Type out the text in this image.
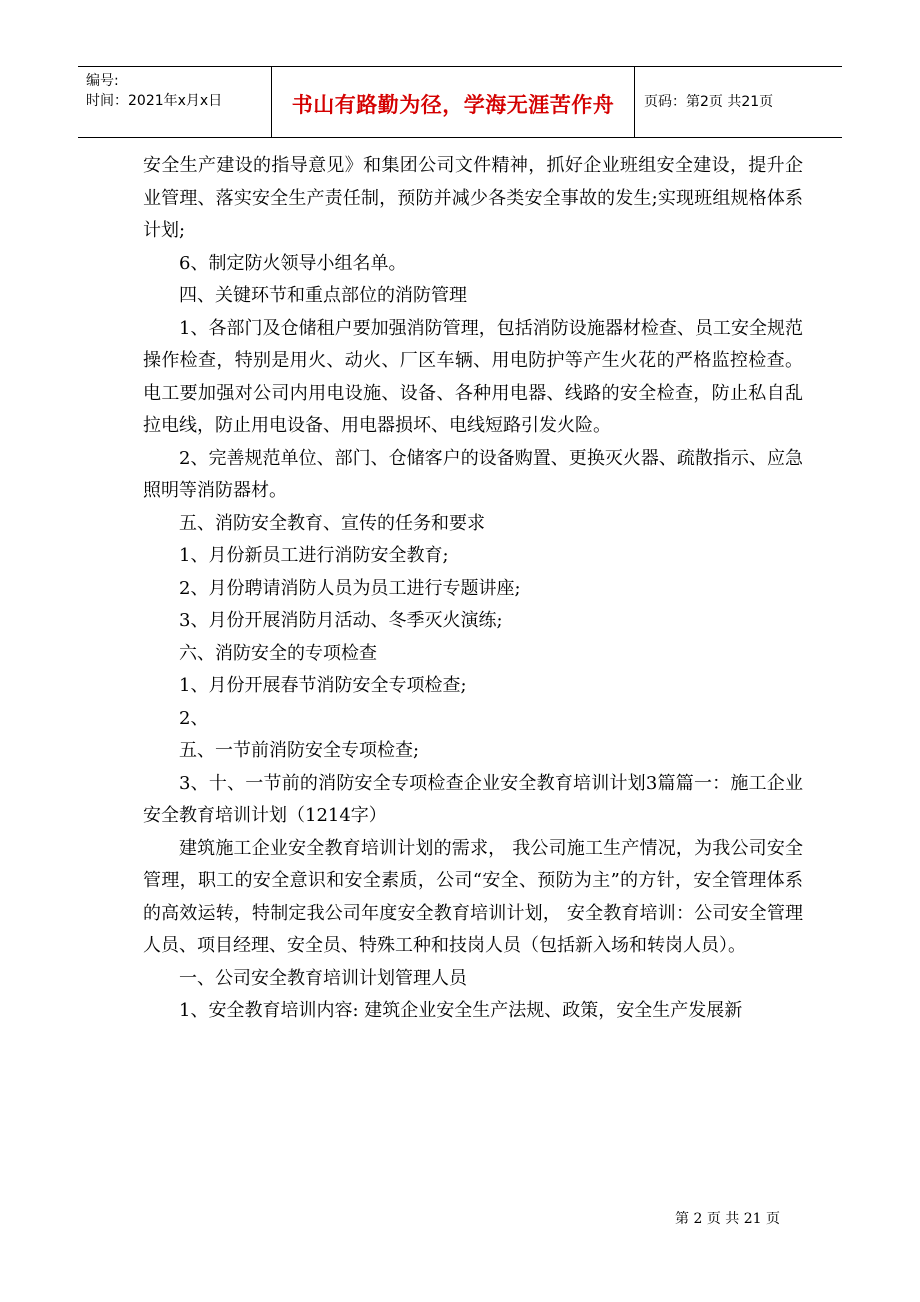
编号:
时间：2021年x月x日	书山有路勤为径，学海无涯苦作舟	页码：第2页 共21页

安全生产建设的指导意见》和集团公司文件精神，抓好企业班组安全建设，提升企业管理、落实安全生产责任制，预防并减少各类安全事故的发生;实现班组规格体系计划;

6、制定防火领导小组名单。

四、关键环节和重点部位的消防管理

1、各部门及仓储租户要加强消防管理，包括消防设施器材检查、员工安全规范操作检查，特别是用火、动火、厂区车辆、用电防护等产生火花的严格监控检查。电工要加强对公司内用电设施、设备、各种用电器、线路的安全检查，防止私自乱拉电线，防止用电设备、用电器损坏、电线短路引发火险。

2、完善规范单位、部门、仓储客户的设备购置、更换灭火器、疏散指示、应急照明等消防器材。

五、消防安全教育、宣传的任务和要求

1、月份新员工进行消防安全教育;

2、月份聘请消防人员为员工进行专题讲座;

3、月份开展消防月活动、冬季灭火演练;

六、消防安全的专项检查

1、月份开展春节消防安全专项检查;

2、

五、一节前消防安全专项检查;

3、十、一节前的消防安全专项检查企业安全教育培训计划3篇篇一：施工企业安全教育培训计划（1214字）

建筑施工企业安全教育培训计划的需求， 我公司施工生产情况，为我公司安全管理，职工的安全意识和安全素质，公司“安全、预防为主”的方针，安全管理体系的高效运转，特制定我公司年度安全教育培训计划， 安全教育培训：公司安全管理人员、项目经理、安全员、特殊工种和技岗人员（包括新入场和转岗人员）。

一、公司安全教育培训计划管理人员

1、安全教育培训内容: 建筑企业安全生产法规、政策，安全生产发展新

第 2 页 共 21 页
